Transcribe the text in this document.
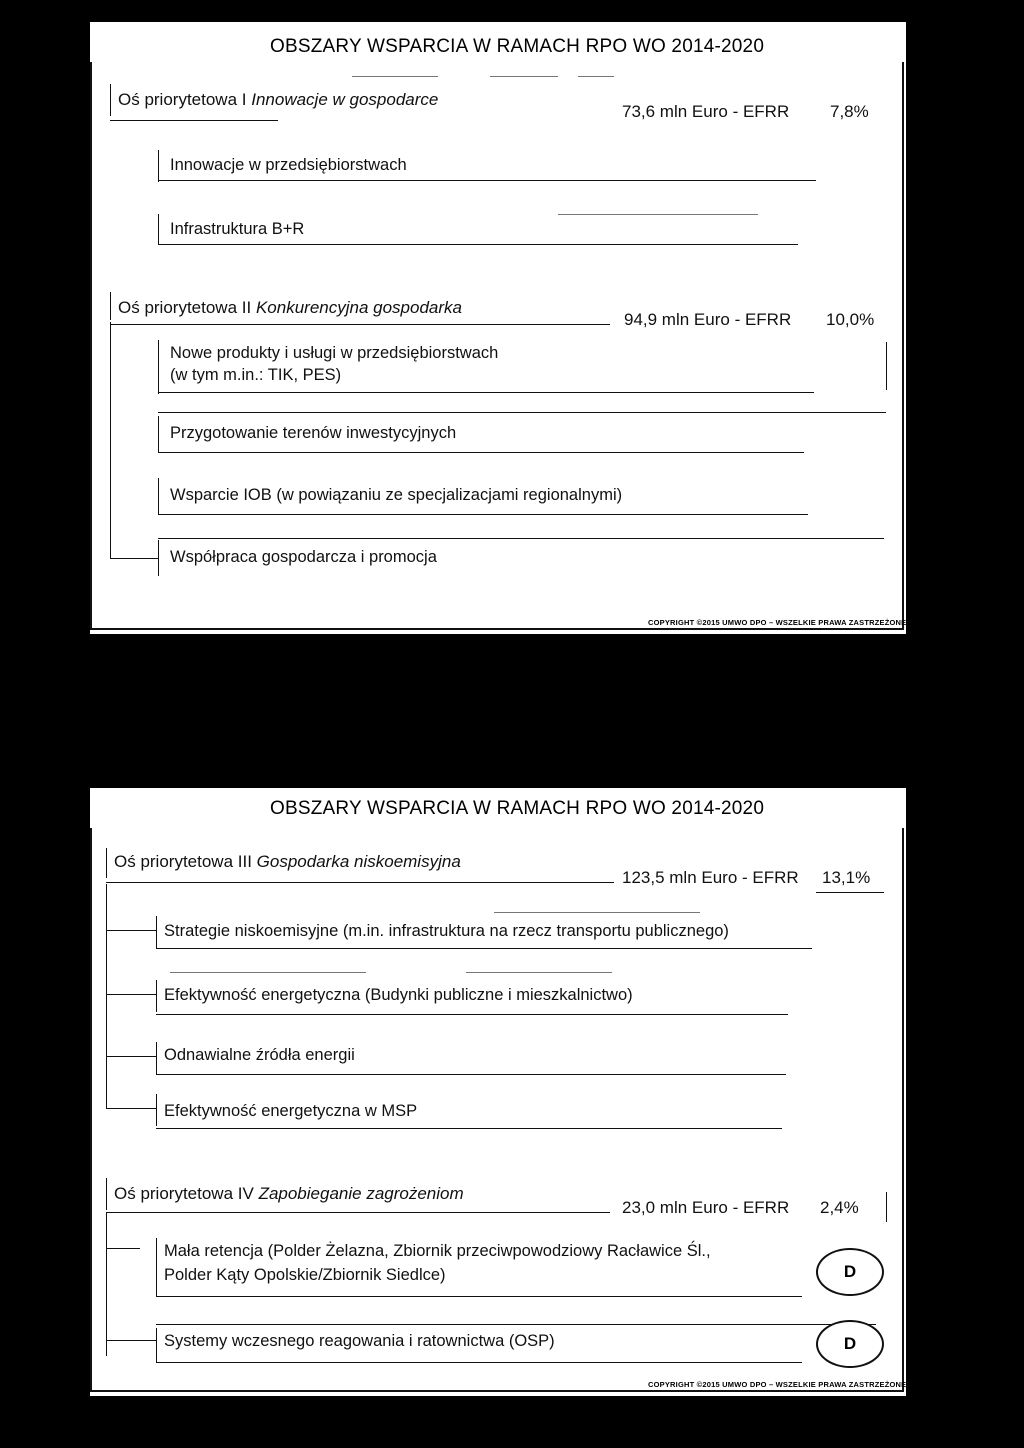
OBSZARY WSPARCIA W RAMACH RPO WO 2014-2020
Oś priorytetowa I Innowacje w gospodarce
73,6 mln Euro - EFRR 7,8%
Innowacje w przedsiębiorstwach
Infrastruktura B+R
Oś priorytetowa II Konkurencyjna gospodarka
94,9 mln Euro - EFRR 10,0%
Nowe produkty i usługi w przedsiębiorstwach
(w tym m.in.: TIK, PES)
Przygotowanie terenów inwestycyjnych
Wsparcie IOB (w powiązaniu ze specjalizacjami regionalnymi)
Współpraca gospodarcza i promocja
COPYRIGHT ©2015 UMWO DPO – WSZELKIE PRAWA ZASTRZEŻONE
OBSZARY WSPARCIA W RAMACH RPO WO 2014-2020
Oś priorytetowa III Gospodarka niskoemisyjna
123,5 mln Euro - EFRR 13,1%
Strategie niskoemisyjne (m.in. infrastruktura na rzecz transportu publicznego)
Efektywność energetyczna (Budynki publiczne i mieszkalnictwo)
Odnawialne źródła energii
Efektywność energetyczna w MSP
Oś priorytetowa IV Zapobieganie zagrożeniom
23,0 mln Euro - EFRR 2,4%
Mała retencja (Polder Żelazna, Zbiornik przeciwpowodziowy Racławice Śl.,
Polder Kąty Opolskie/Zbiornik Siedlce)	D
Systemy wczesnego reagowania i ratownictwa (OSP)	D
COPYRIGHT ©2015 UMWO DPO – WSZELKIE PRAWA ZASTRZEŻONE
